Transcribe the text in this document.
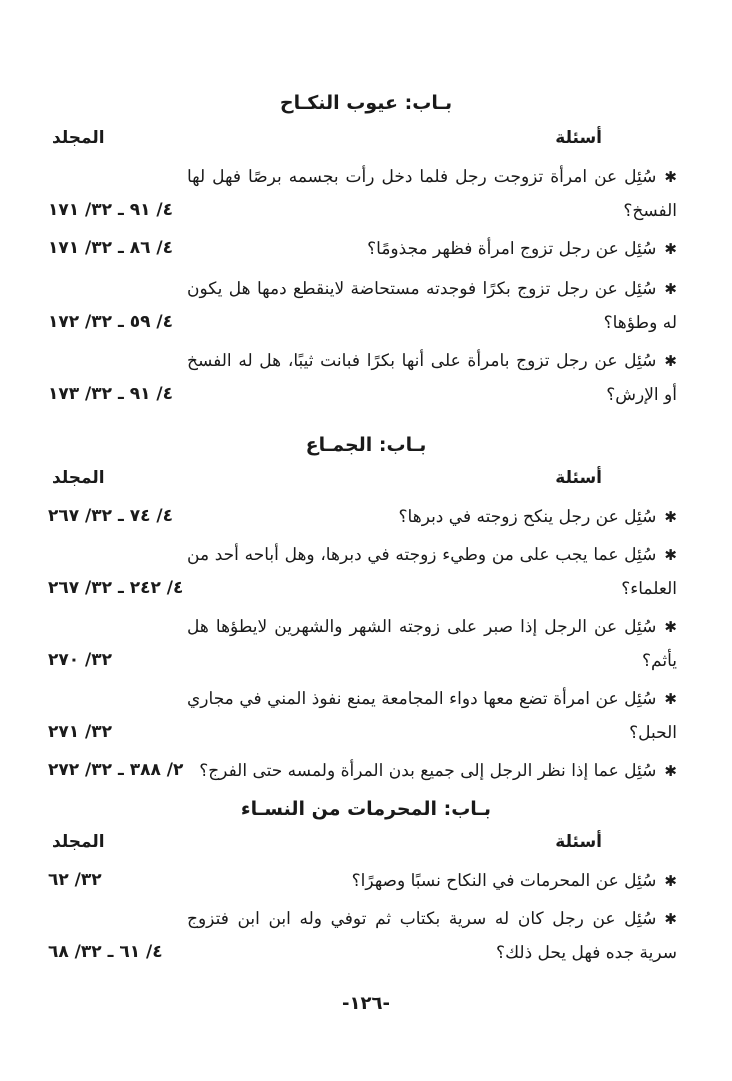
بـاب: عيوب النكـاح
أسئلة
المجلد
✱سُئِل عن امرأة تزوجت رجل فلما دخل رأت بجسمه برصًا فهل لها الفسخ؟
٤/ ٩١ ـ ٣٢/ ١٧١
✱سُئِل عن رجل تزوج امرأة فظهر مجذومًا؟
٤/ ٨٦ ـ ٣٢/ ١٧١
✱سُئِل عن رجل تزوج بكرًا فوجدته مستحاضة لاينقطع دمها هل يكون له وطؤها؟
٤/ ٥٩ ـ ٣٢/ ١٧٢
✱سُئِل عن رجل تزوج بامرأة على أنها بكرًا فبانت ثيبًا، هل له الفسخ أو الإرش؟
٤/ ٩١ ـ ٣٢/ ١٧٣
بـاب: الجمـاع
أسئلة
المجلد
✱سُئِل عن رجل ينكح زوجته في دبرها؟
٤/ ٧٤ ـ ٣٢/ ٢٦٧
✱سُئِل عما يجب على من وطيء زوجته في دبرها، وهل أباحه أحد من العلماء؟
٤/ ٢٤٢ ـ ٣٢/ ٢٦٧
✱سُئِل عن الرجل إذا صبر على زوجته الشهر والشهرين لايطؤها هل يأثم؟
٣٢/ ٢٧٠
✱سُئِل عن امرأة تضع معها دواء المجامعة يمنع نفوذ المني في مجاري الحبل؟
٣٢/ ٢٧١
✱سُئِل عما إذا نظر الرجل إلى جميع بدن المرأة ولمسه حتى الفرج؟
٢/ ٣٨٨ ـ ٣٢/ ٢٧٢
بـاب: المحرمات من النسـاء
أسئلة
المجلد
✱سُئِل عن المحرمات في النكاح نسبًا وصهرًا؟
٣٢/ ٦٢
✱سُئِل عن رجل كان له سرية بكتاب ثم توفي وله ابن ابن فتزوج سرية جده فهل يحل ذلك؟
٤/ ٦١ ـ ٣٢/ ٦٨
-١٢٦-
